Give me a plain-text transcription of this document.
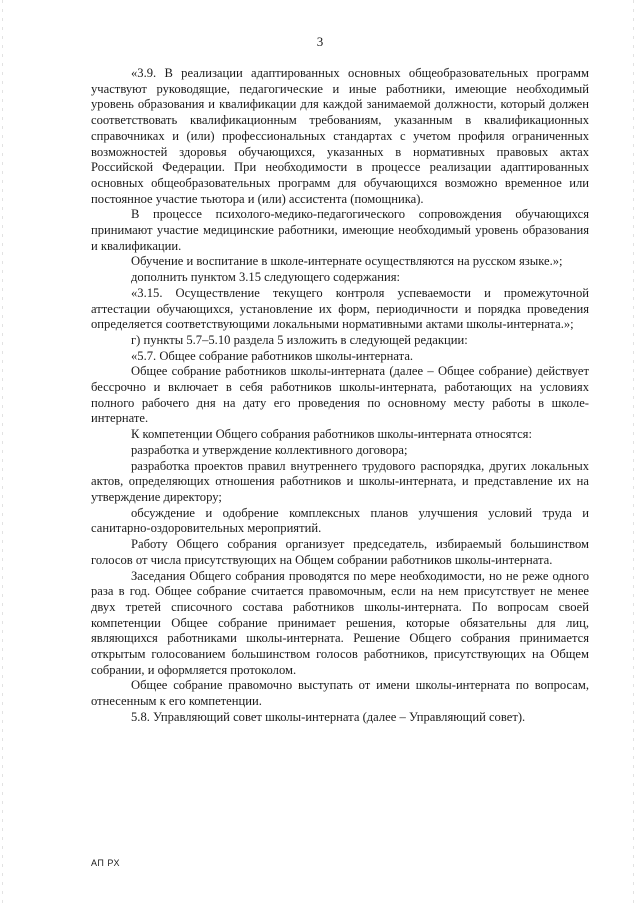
3

«3.9. В реализации адаптированных основных общеобразовательных программ участвуют руководящие, педагогические и иные работники, имеющие необходимый уровень образования и квалификации для каждой занимаемой должности, который должен соответствовать квалификационным требованиям, указанным в квалификационных справочниках и (или) профессиональных стандартах с учетом профиля ограниченных возможностей здоровья обучающихся, указанных в нормативных правовых актах Российской Федерации. При необходимости в процессе реализации адаптированных основных общеобразовательных программ для обучающихся возможно временное или постоянное участие тьютора и (или) ассистента (помощника).

В процессе психолого-медико-педагогического сопровождения обучающихся принимают участие медицинские работники, имеющие необходимый уровень образования и квалификации.

Обучение и воспитание в школе-интернате осуществляются на русском языке.»;

дополнить пунктом 3.15 следующего содержания:

«3.15. Осуществление текущего контроля успеваемости и промежуточной аттестации обучающихся, установление их форм, периодичности и порядка проведения определяется соответствующими локальными нормативными актами школы-интерната.»;

г) пункты 5.7–5.10 раздела 5 изложить в следующей редакции:

«5.7. Общее собрание работников школы-интерната.

Общее собрание работников школы-интерната (далее – Общее собрание) действует бессрочно и включает в себя работников школы-интерната, работающих на условиях полного рабочего дня на дату его проведения по основному месту работы в школе-интернате.

К компетенции Общего собрания работников школы-интерната относятся:

разработка и утверждение коллективного договора;

разработка проектов правил внутреннего трудового распорядка, других локальных актов, определяющих отношения работников и школы-интерната, и представление их на утверждение директору;

обсуждение и одобрение комплексных планов улучшения условий труда и санитарно-оздоровительных мероприятий.

Работу Общего собрания организует председатель, избираемый большинством голосов от числа присутствующих на Общем собрании работников школы-интерната.

Заседания Общего собрания проводятся по мере необходимости, но не реже одного раза в год. Общее собрание считается правомочным, если на нем присутствует не менее двух третей списочного состава работников школы-интерната. По вопросам своей компетенции Общее собрание принимает решения, которые обязательны для лиц, являющихся работниками школы-интерната. Решение Общего собрания принимается открытым голосованием большинством голосов работников, присутствующих на Общем собрании, и оформляется протоколом.

Общее собрание правомочно выступать от имени школы-интерната по вопросам, отнесенным к его компетенции.

5.8. Управляющий совет школы-интерната (далее – Управляющий совет).

АП РХ
